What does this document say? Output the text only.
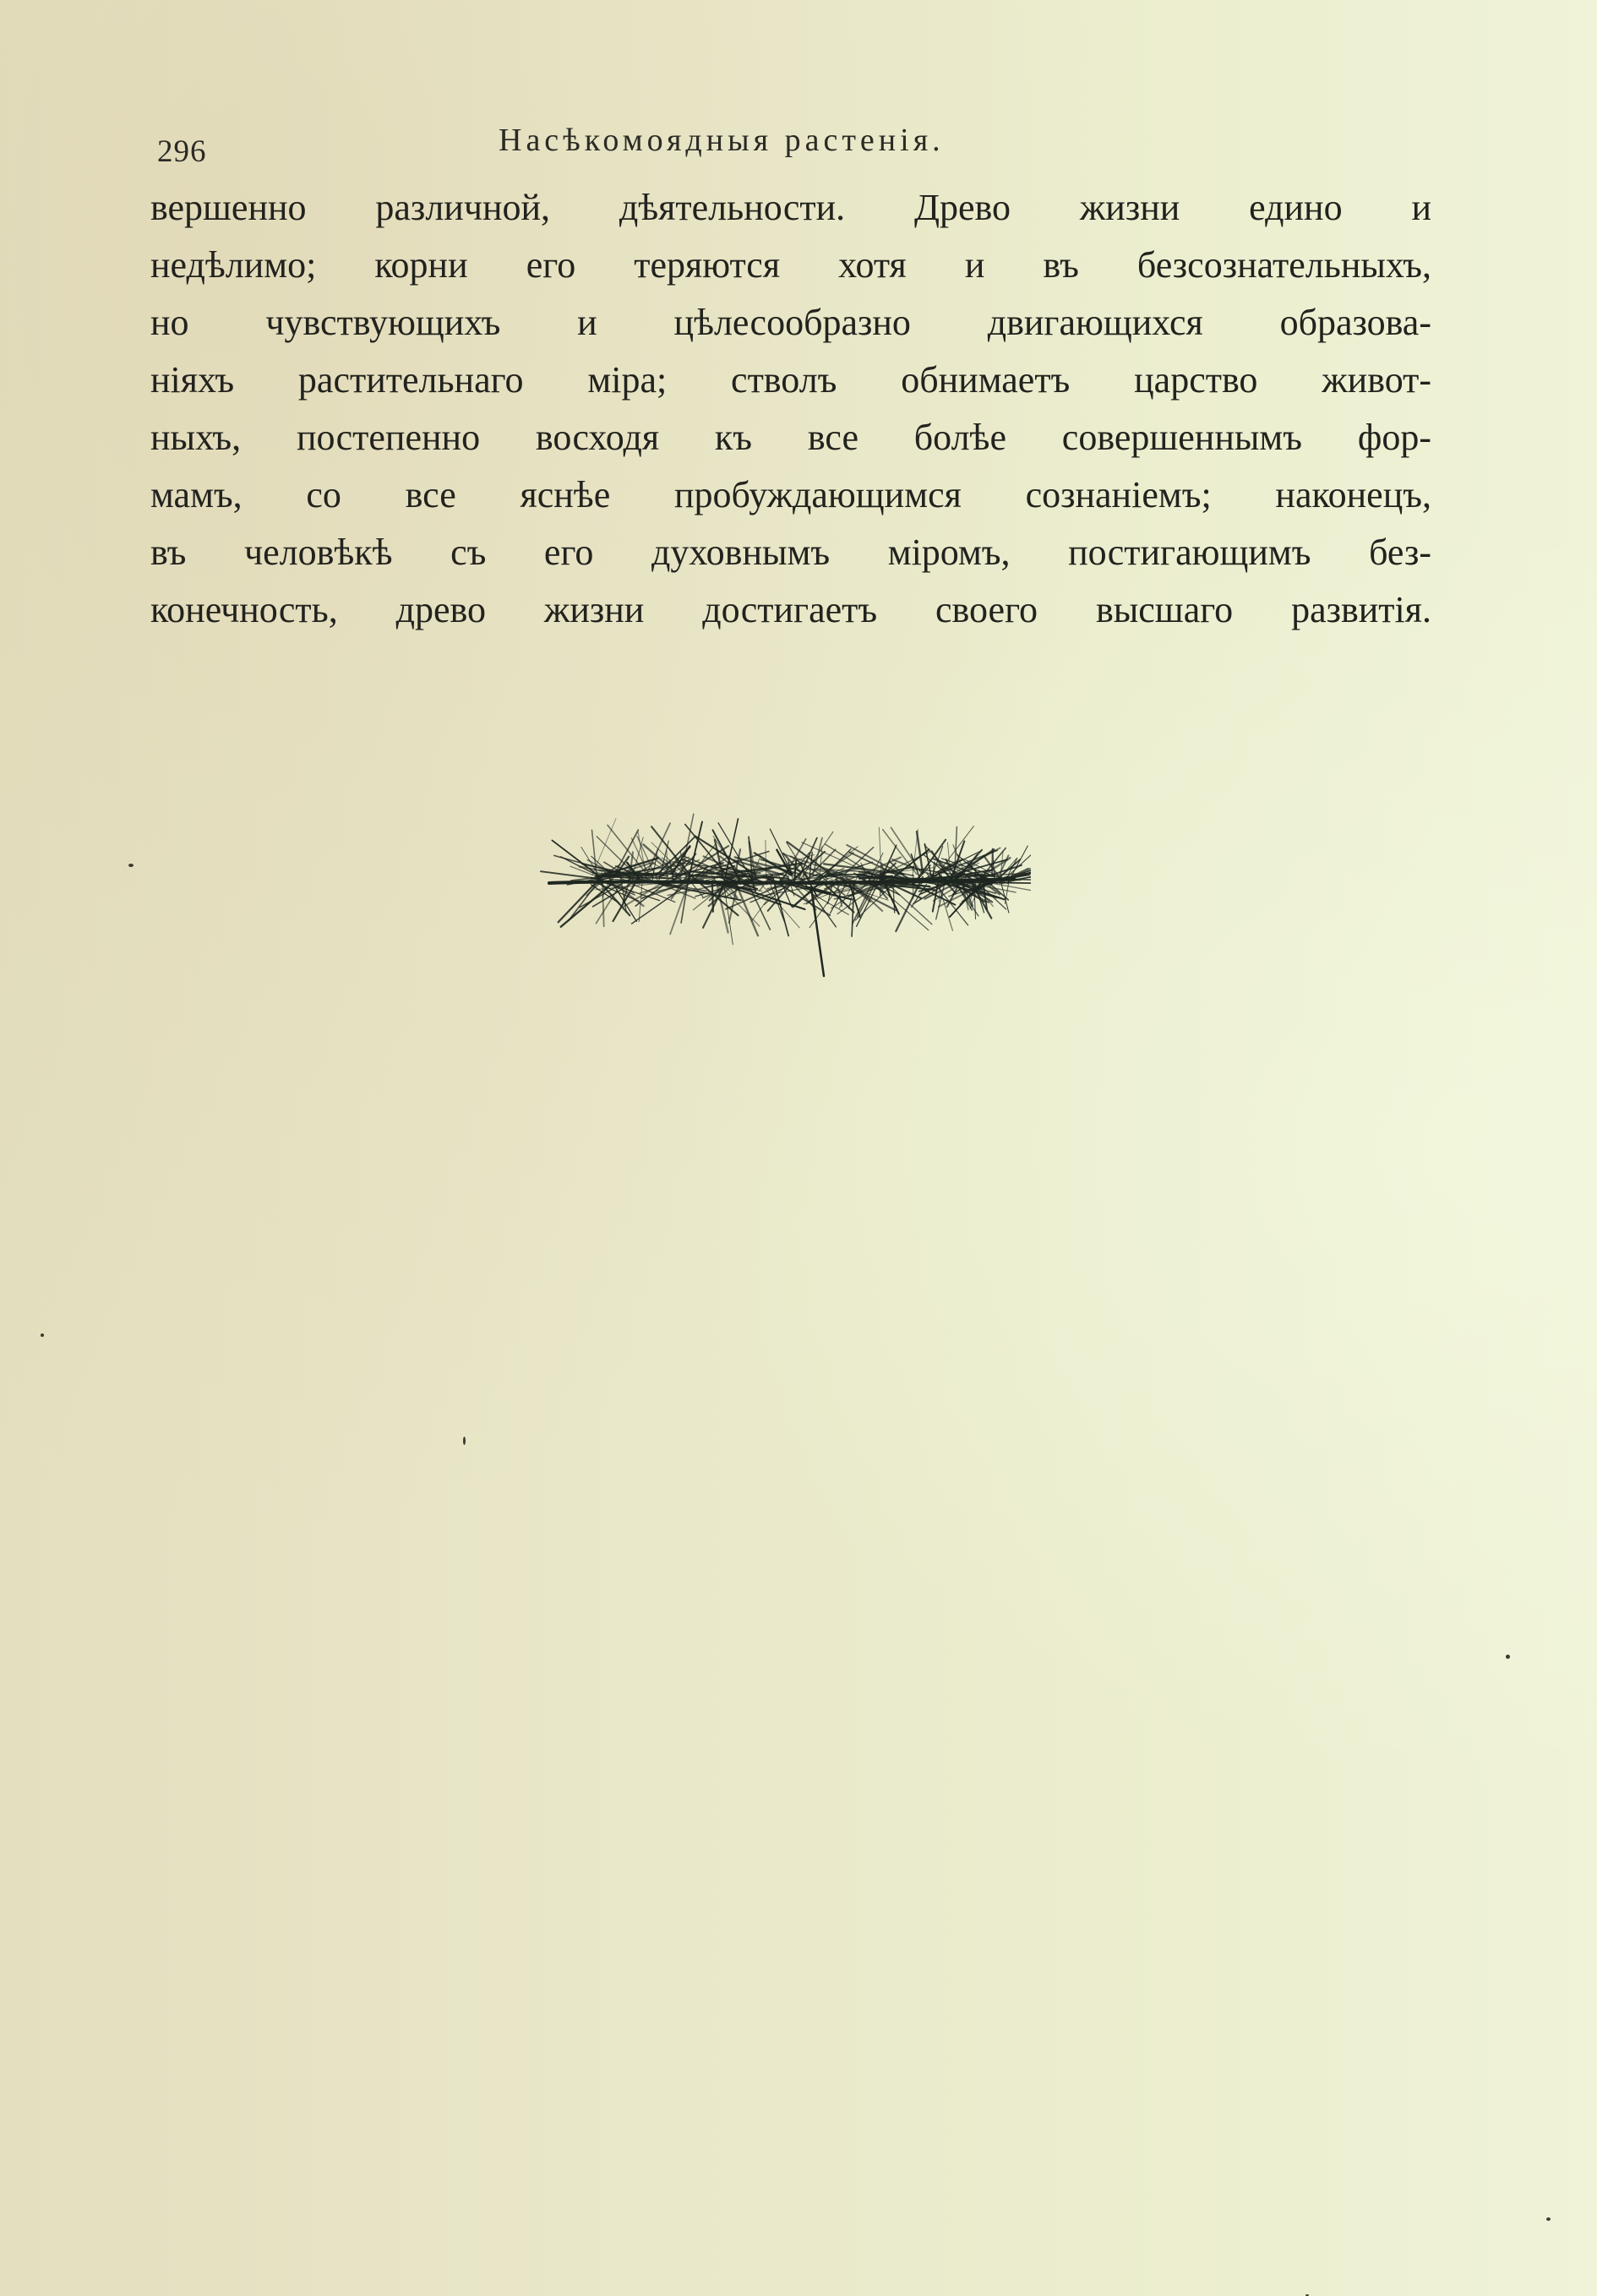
296	Насѣкомоядныя растенія.
вершенно различной, дѣятельности. Древо жизни едино и
недѣлимо; корни его теряются хотя и въ безсознательныхъ,
но чувствующихъ и цѣлесообразно двигающихся образова-
ніяхъ растительнаго міра; стволъ обнимаетъ царство живот-
ныхъ, постепенно восходя къ все болѣе совершеннымъ фор-
мамъ, со все яснѣе пробуждающимся сознаніемъ; наконецъ,
въ человѣкѣ съ его духовнымъ міромъ, постигающимъ без-
конечность, древо жизни достигаетъ своего высшаго развитія.
